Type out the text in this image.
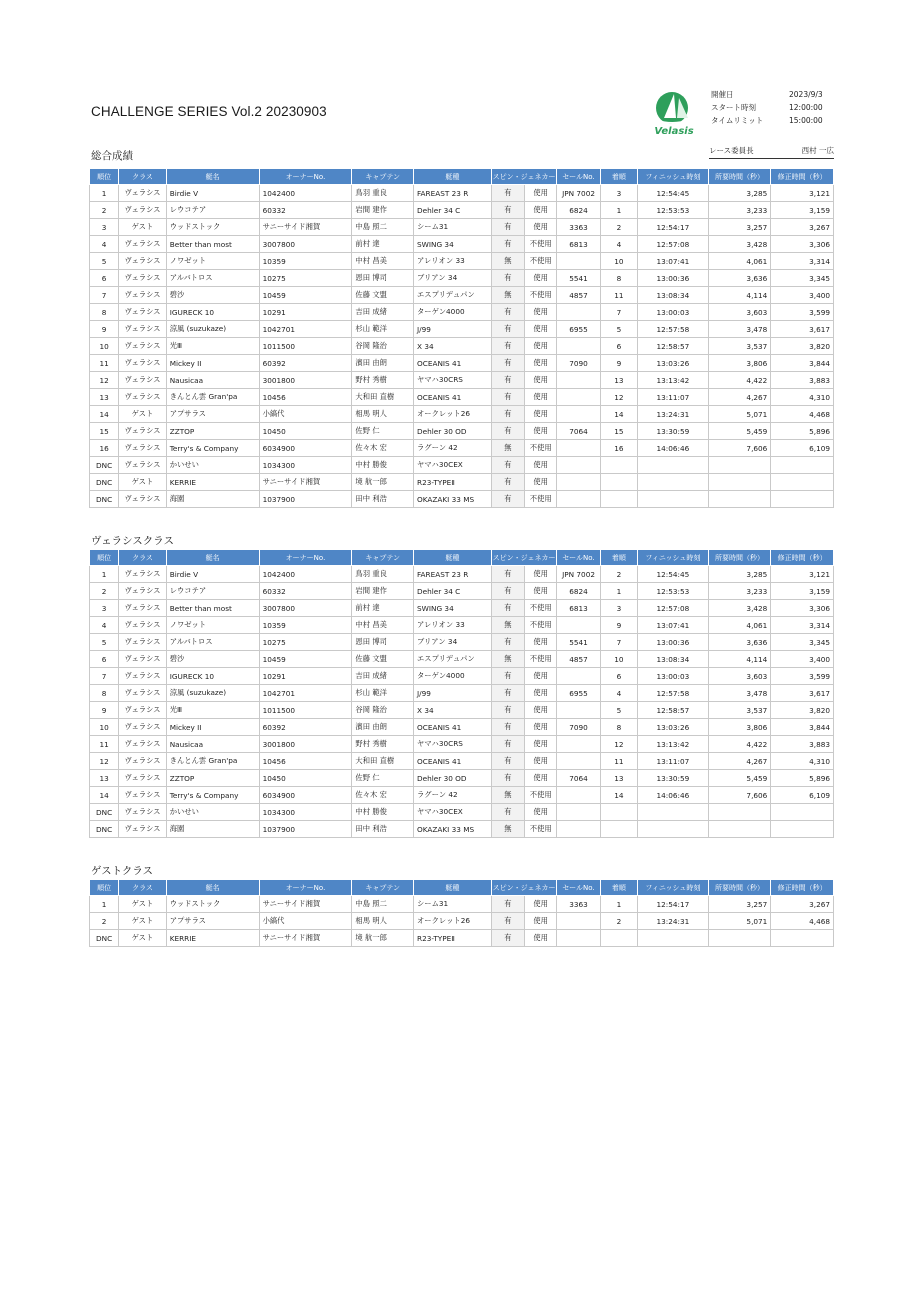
CHALLENGE SERIES Vol.2 20230903
Velasis
開催日	2023/9/3
スタート時刻	12:00:00
タイムリミット	15:00:00
レース委員長	西村 一広
総合成績
順位	クラス	艇名	オーナーNo.	キャプテン	艇種	スピン・ジェネカー		セールNo.	着順	フィニッシュ時刻	所要時間（秒）	修正時間（秒）
1	ヴェラシス	Birdie V	1042400	鳥羽 重良	FAREAST 23 R	有	使用	JPN 7002	3	12:54:45	3,285	3,121
2	ヴェラシス	レウコテア	60332	岩間 建作	Dehler 34 C	有	使用	6824	1	12:53:53	3,233	3,159
3	ゲスト	ウッドストック	サニーサイド湘賀	中島 照二	シーム31	有	使用	3363	2	12:54:17	3,257	3,267
4	ヴェラシス	Better than most	3007800	前村 達	SWING 34	有	不使用	6813	4	12:57:08	3,428	3,306
5	ヴェラシス	ノワゼット	10359	中村 昌美	アレリオン 33	無	不使用		10	13:07:41	4,061	3,314
6	ヴェラシス	アルバトロス	10275	恩田 博司	ブリアン 34	有	使用	5541	8	13:00:36	3,636	3,345
7	ヴェラシス	碧沙	10459	佐藤 文盟	エスプリデュパン	無	不使用	4857	11	13:08:34	4,114	3,400
8	ヴェラシス	IGURECK 10	10291	吉田 成緒	ターゲン4000	有	使用		7	13:00:03	3,603	3,599
9	ヴェラシス	涼風 (suzukaze)	1042701	杉山 範洋	J/99	有	使用	6955	5	12:57:58	3,478	3,617
10	ヴェラシス	光Ⅲ	1011500	谷岡 隆治	X 34	有	使用		6	12:58:57	3,537	3,820
11	ヴェラシス	Mickey II	60392	濱田 由朗	OCEANIS 41	有	使用	7090	9	13:03:26	3,806	3,844
12	ヴェラシス	Nausicaa	3001800	野村 秀樹	ヤマハ30CRS	有	使用		13	13:13:42	4,422	3,883
13	ヴェラシス	きんとん雲 Gran'pa	10456	大和田 直樹	OCEANIS 41	有	使用		12	13:11:07	4,267	4,310
14	ゲスト	アプサラス	小縞代	相馬 明人	オークレット26	有	使用		14	13:24:31	5,071	4,468
15	ヴェラシス	ZZTOP	10450	佐野 仁	Dehler 30 OD	有	使用	7064	15	13:30:59	5,459	5,896
16	ヴェラシス	Terry's & Company	6034900	佐々木 宏	ラグーン 42	無	不使用		16	14:06:46	7,606	6,109
DNC	ヴェラシス	かいせい	1034300	中村 勝俊	ヤマハ30CEX	有	使用					
DNC	ゲスト	KERRIE	サニーサイド湘賀	境 航一郎	R23-TYPEⅡ	有	使用					
DNC	ヴェラシス	海園	1037900	田中 利浩	OKAZAKI 33 MS	有	不使用					
ヴェラシスクラス
順位	クラス	艇名	オーナーNo.	キャプテン	艇種	スピン・ジェネカー		セールNo.	着順	フィニッシュ時刻	所要時間（秒）	修正時間（秒）
1	ヴェラシス	Birdie V	1042400	鳥羽 重良	FAREAST 23 R	有	使用	JPN 7002	2	12:54:45	3,285	3,121
2	ヴェラシス	レウコテア	60332	岩間 建作	Dehler 34 C	有	使用	6824	1	12:53:53	3,233	3,159
3	ヴェラシス	Better than most	3007800	前村 達	SWING 34	有	不使用	6813	3	12:57:08	3,428	3,306
4	ヴェラシス	ノワゼット	10359	中村 昌美	アレリオン 33	無	不使用		9	13:07:41	4,061	3,314
5	ヴェラシス	アルバトロス	10275	恩田 博司	ブリアン 34	有	使用	5541	7	13:00:36	3,636	3,345
6	ヴェラシス	碧沙	10459	佐藤 文盟	エスプリデュパン	無	不使用	4857	10	13:08:34	4,114	3,400
7	ヴェラシス	IGURECK 10	10291	吉田 成緒	ターゲン4000	有	使用		6	13:00:03	3,603	3,599
8	ヴェラシス	涼風 (suzukaze)	1042701	杉山 範洋	J/99	有	使用	6955	4	12:57:58	3,478	3,617
9	ヴェラシス	光Ⅲ	1011500	谷岡 隆治	X 34	有	使用		5	12:58:57	3,537	3,820
10	ヴェラシス	Mickey II	60392	濱田 由朗	OCEANIS 41	有	使用	7090	8	13:03:26	3,806	3,844
11	ヴェラシス	Nausicaa	3001800	野村 秀樹	ヤマハ30CRS	有	使用		12	13:13:42	4,422	3,883
12	ヴェラシス	きんとん雲 Gran'pa	10456	大和田 直樹	OCEANIS 41	有	使用		11	13:11:07	4,267	4,310
13	ヴェラシス	ZZTOP	10450	佐野 仁	Dehler 30 OD	有	使用	7064	13	13:30:59	5,459	5,896
14	ヴェラシス	Terry's & Company	6034900	佐々木 宏	ラグーン 42	無	不使用		14	14:06:46	7,606	6,109
DNC	ヴェラシス	かいせい	1034300	中村 勝俊	ヤマハ30CEX	有	使用					
DNC	ヴェラシス	海園	1037900	田中 利浩	OKAZAKI 33 MS	無	不使用					
ゲストクラス
順位	クラス	艇名	オーナーNo.	キャプテン	艇種	スピン・ジェネカー		セールNo.	着順	フィニッシュ時刻	所要時間（秒）	修正時間（秒）
1	ゲスト	ウッドストック	サニーサイド湘賀	中島 照二	シーム31	有	使用	3363	1	12:54:17	3,257	3,267
2	ゲスト	アプサラス	小縞代	相馬 明人	オークレット26	有	使用		2	13:24:31	5,071	4,468
DNC	ゲスト	KERRIE	サニーサイド湘賀	境 航一郎	R23-TYPEⅡ	有	使用					
